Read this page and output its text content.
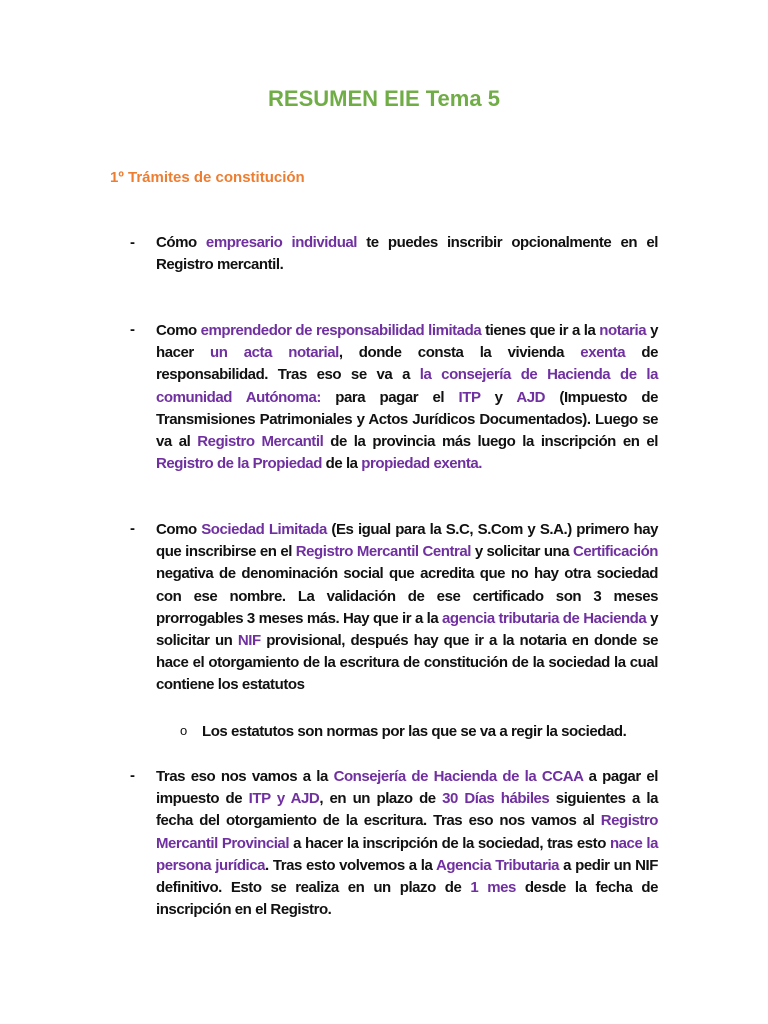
RESUMEN EIE Tema 5
1º Trámites de constitución
- Cómo empresario individual te puedes inscribir opcionalmente en el Registro mercantil.
- Como emprendedor de responsabilidad limitada tienes que ir a la notaria y hacer un acta notarial, donde consta la vivienda exenta de responsabilidad. Tras eso se va a la consejería de Hacienda de la comunidad Autónoma: para pagar el ITP y AJD (Impuesto de Transmisiones Patrimoniales y Actos Jurídicos Documentados). Luego se va al Registro Mercantil de la provincia más luego la inscripción en el Registro de la Propiedad de la propiedad exenta.
- Como Sociedad Limitada (Es igual para la S.C, S.Com y S.A.) primero hay que inscribirse en el Registro Mercantil Central y solicitar una Certificación negativa de denominación social que acredita que no hay otra sociedad con ese nombre. La validación de ese certificado son 3 meses prorrogables 3 meses más. Hay que ir a la agencia tributaria de Hacienda y solicitar un NIF provisional, después hay que ir a la notaria en donde se hace el otorgamiento de la escritura de constitución de la sociedad la cual contiene los estatutos
o Los estatutos son normas por las que se va a regir la sociedad.
- Tras eso nos vamos a la Consejería de Hacienda de la CCAA a pagar el impuesto de ITP y AJD, en un plazo de 30 Días hábiles siguientes a la fecha del otorgamiento de la escritura. Tras eso nos vamos al Registro Mercantil Provincial a hacer la inscripción de la sociedad, tras esto nace la persona jurídica. Tras esto volvemos a la Agencia Tributaria a pedir un NIF definitivo. Esto se realiza en un plazo de 1 mes desde la fecha de inscripción en el Registro.
